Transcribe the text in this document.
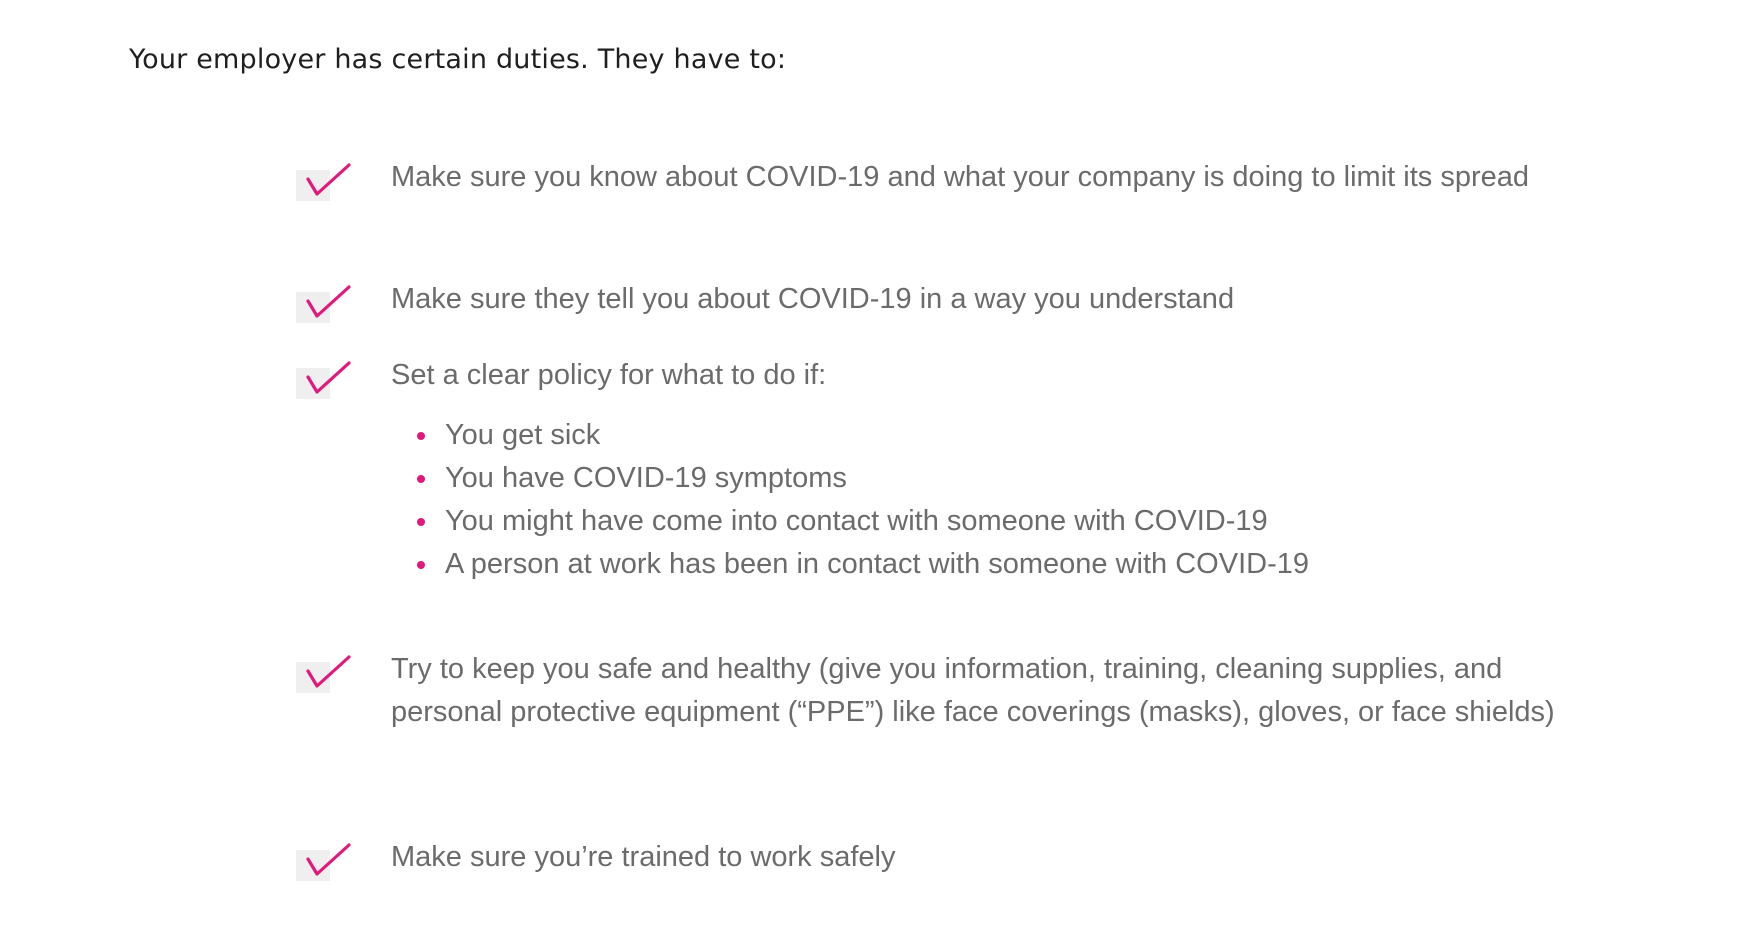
Your employer has certain duties. They have to:

Make sure you know about COVID-19 and what your company is doing to limit its spread

Make sure they tell you about COVID-19 in a way you understand

Set a clear policy for what to do if:

You get sick
You have COVID-19 symptoms
You might have come into contact with someone with COVID-19
A person at work has been in contact with someone with COVID-19

Try to keep you safe and healthy (give you information, training, cleaning supplies, and personal protective equipment (“PPE”) like face coverings (masks), gloves, or face shields)

Make sure you’re trained to work safely
